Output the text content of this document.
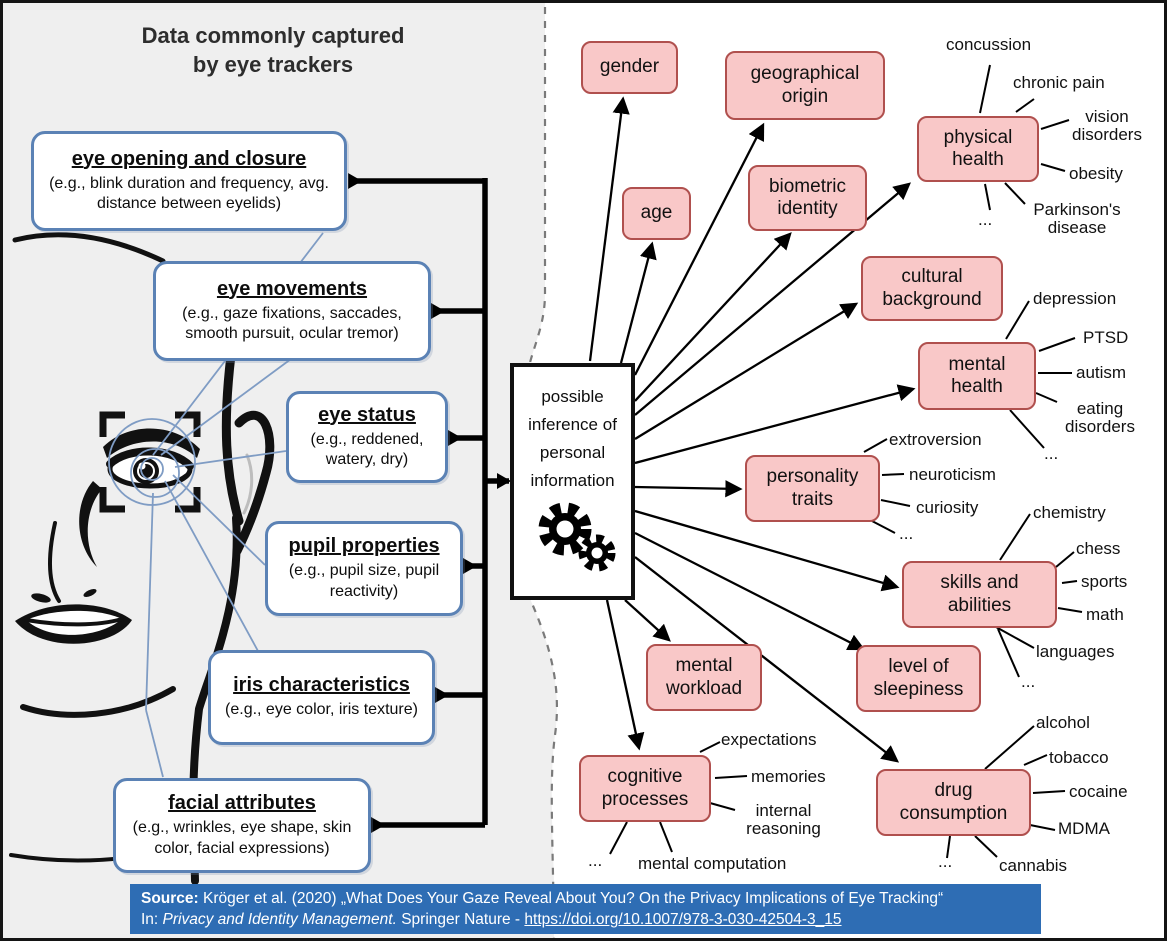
Data commonly captured
by eye trackers
eye opening and closure
(e.g., blink duration and frequency, avg. distance between eyelids)
eye movements
(e.g., gaze fixations, saccades, smooth pursuit, ocular tremor)
eye status
(e.g., reddened, watery, dry)
pupil properties
(e.g., pupil size, pupil reactivity)
iris characteristics
(e.g., eye color, iris texture)
facial attributes
(e.g., wrinkles, eye shape, skin color, facial expressions)
possible inference of personal information
gender
age
geographical origin
biometric identity
cultural background
physical health
mental health
personality traits
skills and abilities
mental workload
level of sleepiness
cognitive processes	drug consumption
concussion
chronic pain
vision disorders
obesity
Parkinson's disease
...
depression
PTSD
autism
eating disorders
...
extroversion
neuroticism
curiosity
...
chemistry
chess
sports
math
languages
...
expectations
memories
internal reasoning
mental computation
...
alcohol
tobacco
cocaine
MDMA
cannabis
...
Source: Kröger et al. (2020) „What Does Your Gaze Reveal About You? On the Privacy Implications of Eye Tracking“
In: Privacy and Identity Management. Springer Nature - https://doi.org/10.1007/978-3-030-42504-3_15
